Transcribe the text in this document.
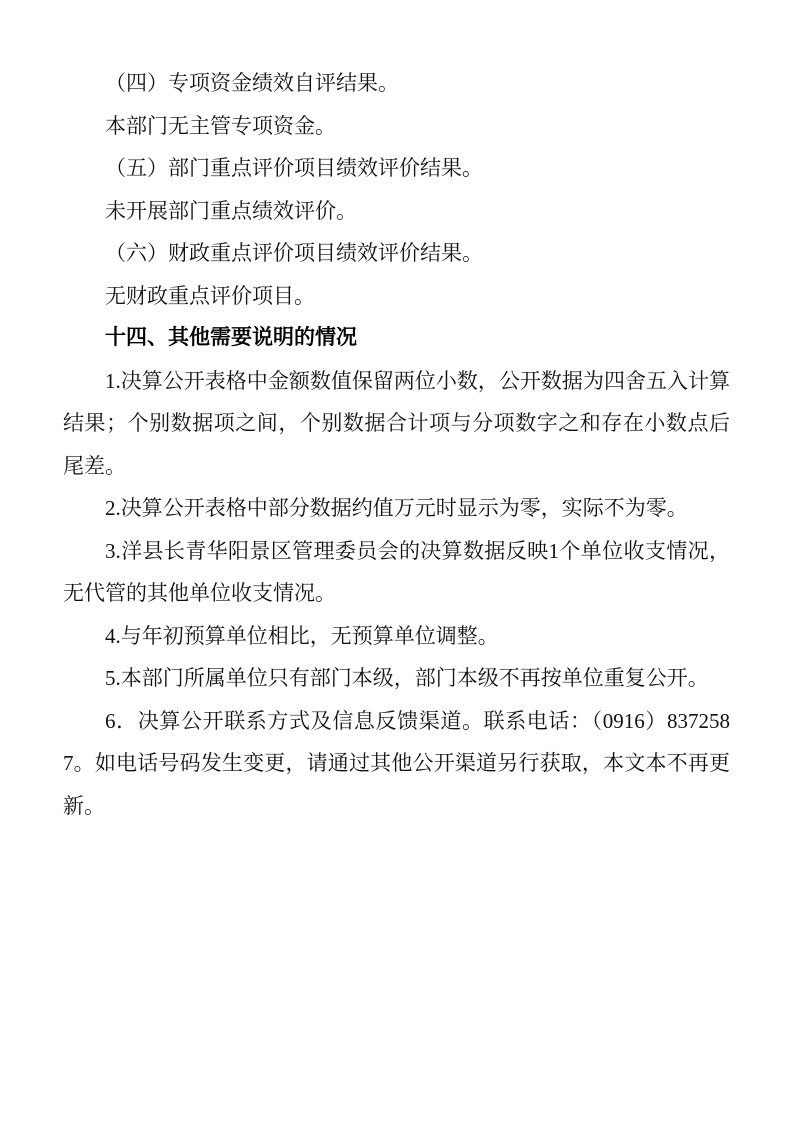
（四）专项资金绩效自评结果。

本部门无主管专项资金。

（五）部门重点评价项目绩效评价结果。

未开展部门重点绩效评价。

（六）财政重点评价项目绩效评价结果。

无财政重点评价项目。

十四、其他需要说明的情况

1.决算公开表格中金额数值保留两位小数，公开数据为四舍五入计算结果；个别数据项之间，个别数据合计项与分项数字之和存在小数点后尾差。

2.决算公开表格中部分数据约值万元时显示为零，实际不为零。

3.洋县长青华阳景区管理委员会的决算数据反映1个单位收支情况，无代管的其他单位收支情况。

4.与年初预算单位相比，无预算单位调整。

5.本部门所属单位只有部门本级，部门本级不再按单位重复公开。

6．决算公开联系方式及信息反馈渠道。联系电话：（0916）8372587。如电话号码发生变更，请通过其他公开渠道另行获取，本文本不再更新。
